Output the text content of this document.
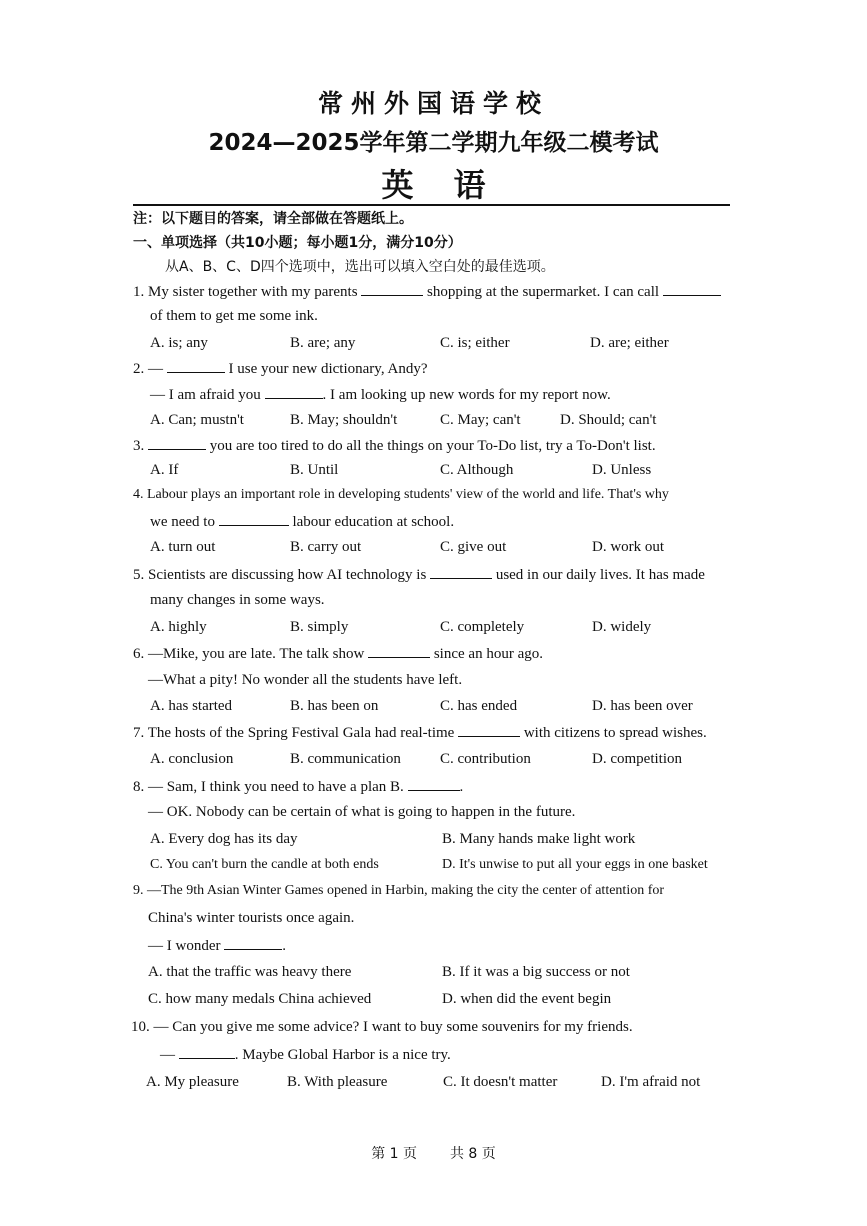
常州外国语学校
2024—2025学年第二学期九年级二模考试
英语
注：以下题目的答案，请全部做在答题纸上。
一、单项选择（共10小题；每小题1分，满分10分）
从A、B、C、D四个选项中，选出可以填入空白处的最佳选项。
1. My sister together with my parents	shopping at the supermarket. I can call
of them to get me some ink.
A. is; any	B. are; any	C. is; either	D. are; either
2. —	I use your new dictionary, Andy?
— I am afraid you	. I am looking up new words for my report now.
A. Can; mustn't	B. May; shouldn't	C. May; can't	D. Should; can't
3.	you are too tired to do all the things on your To-Do list, try a To-Don't list.
A. If	B. Until	C. Although	D. Unless
4. Labour plays an important role in developing students' view of the world and life. That's why
we need to	labour education at school.
A. turn out	B. carry out	C. give out	D. work out
5. Scientists are discussing how AI technology is	used in our daily lives. It has made
many changes in some ways.
A. highly	B. simply	C. completely	D. widely
6. —Mike, you are late. The talk show	since an hour ago.
—What a pity! No wonder all the students have left.
A. has started	B. has been on	C. has ended	D. has been over
7. The hosts of the Spring Festival Gala had real-time	with citizens to spread wishes.
A. conclusion	B. communication	C. contribution	D. competition
8. — Sam, I think you need to have a plan B.	.
— OK. Nobody can be certain of what is going to happen in the future.
A. Every dog has its day	B. Many hands make light work
C. You can't burn the candle at both ends	D. It's unwise to put all your eggs in one basket
9. —The 9th Asian Winter Games opened in Harbin, making the city the center of attention for
China's winter tourists once again.
— I wonder	.
A. that the traffic was heavy there	B. If it was a big success or not
C. how many medals China achieved	D. when did the event begin
10. — Can you give me some advice? I want to buy some souvenirs for my friends.
—	. Maybe Global Harbor is a nice try.
A. My pleasure	B. With pleasure	C. It doesn't matter	D. I'm afraid not
第 1 页 共 8 页
